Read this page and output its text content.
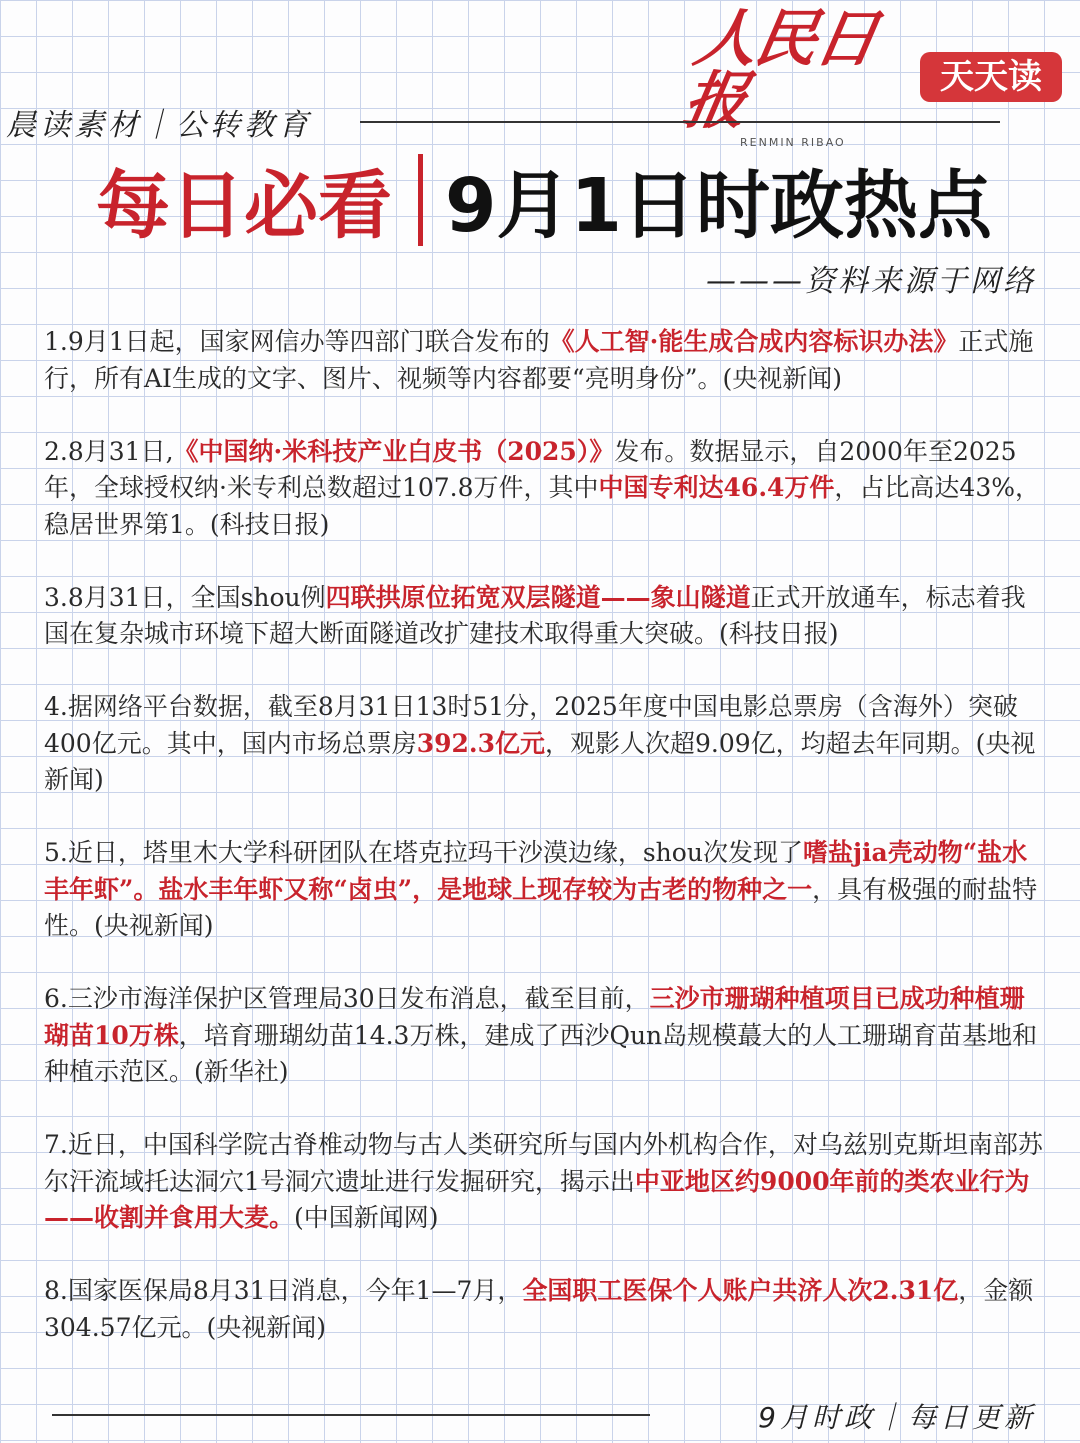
人民日报
RENMIN RIBAO
天天读
晨读素材｜公转教育
每日必看 9月1日时政热点
———资料来源于网络

1.9月1日起，国家网信办等四部门联合发布的《人工智·能生成合成内容标识办法》正式施行，所有AI生成的文字、图片、视频等内容都要“亮明身份”。(央视新闻)

2.8月31日,《中国纳·米科技产业白皮书（2025）》发布。数据显示，自2000年至2025年，全球授权纳·米专利总数超过107.8万件，其中中国专利达46.4万件，占比高达43%，稳居世界第1。(科技日报)

3.8月31日，全国shou例四联拱原位拓宽双层隧道——象山隧道正式开放通车，标志着我国在复杂城市环境下超大断面隧道改扩建技术取得重大突破。(科技日报)

4.据网络平台数据，截至8月31日13时51分，2025年度中国电影总票房（含海外）突破400亿元。其中，国内市场总票房392.3亿元，观影人次超9.09亿，均超去年同期。(央视新闻)

5.近日，塔里木大学科研团队在塔克拉玛干沙漠边缘，shou次发现了嗜盐jia壳动物“盐水丰年虾”。盐水丰年虾又称“卤虫”，是地球上现存较为古老的物种之一，具有极强的耐盐特性。(央视新闻)

6.三沙市海洋保护区管理局30日发布消息，截至目前，三沙市珊瑚种植项目已成功种植珊瑚苗10万株，培育珊瑚幼苗14.3万株，建成了西沙Qun岛规模蕞大的人工珊瑚育苗基地和种植示范区。(新华社)

7.近日，中国科学院古脊椎动物与古人类研究所与国内外机构合作，对乌兹别克斯坦南部苏尔汗流域托达洞穴1号洞穴遗址进行发掘研究，揭示出中亚地区约9000年前的类农业行为——收割并食用大麦。(中国新闻网)

8.国家医保局8月31日消息，今年1—7月，全国职工医保个人账户共济人次2.31亿，金额304.57亿元。(央视新闻)

9月时政｜每日更新
